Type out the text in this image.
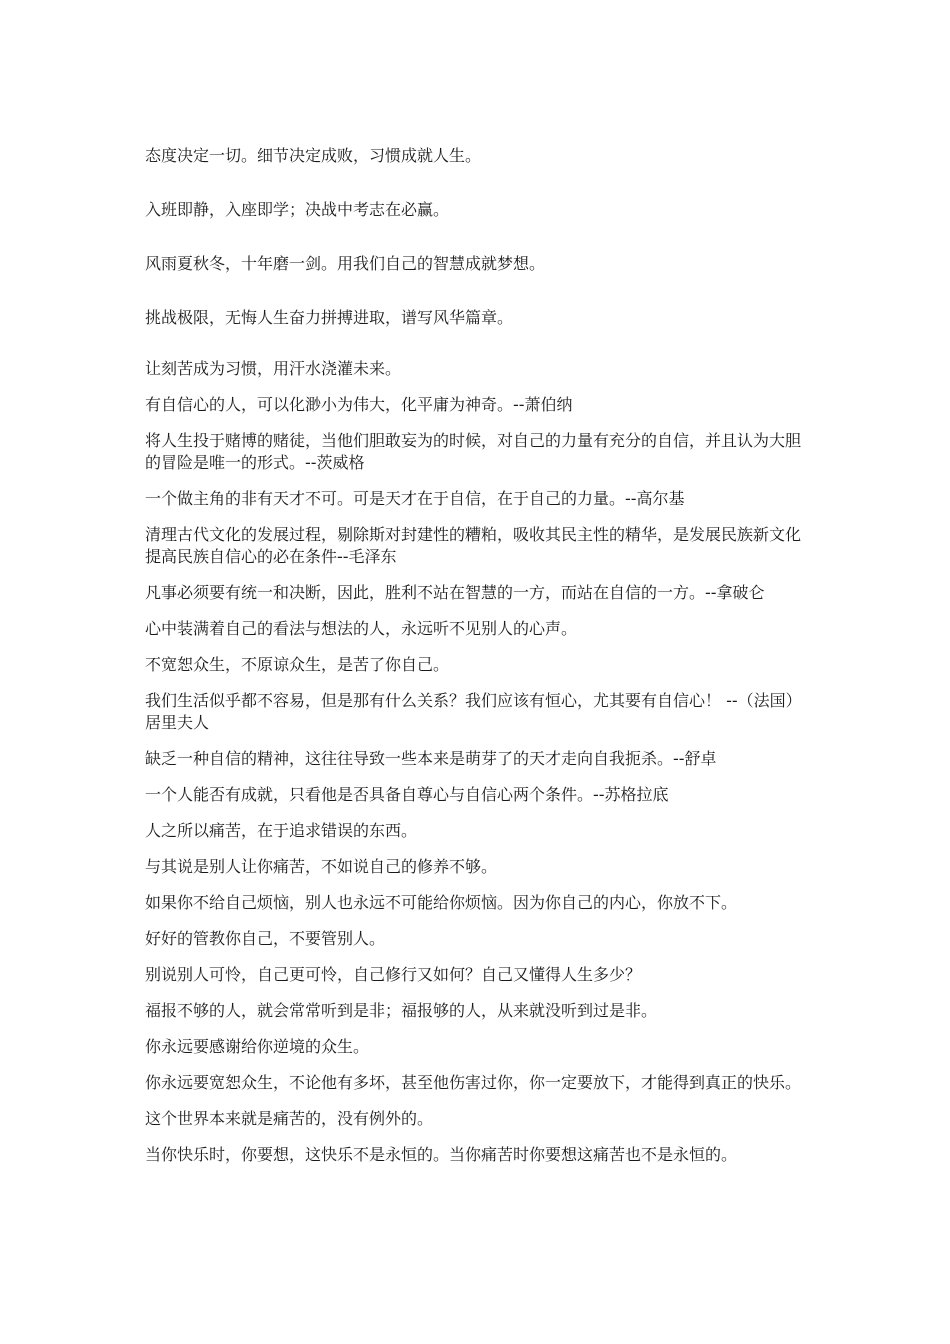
态度决定一切。细节决定成败，习惯成就人生。

入班即静，入座即学；决战中考志在必赢。

风雨夏秋冬，十年磨一剑。用我们自己的智慧成就梦想。

挑战极限，无悔人生奋力拼搏进取，谱写风华篇章。

让刻苦成为习惯，用汗水浇灌未来。

有自信心的人，可以化渺小为伟大，化平庸为神奇。--萧伯纳

将人生投于赌博的赌徒，当他们胆敢妄为的时候，对自己的力量有充分的自信，并且认为大胆的冒险是唯一的形式。--茨威格

一个做主角的非有天才不可。可是天才在于自信，在于自己的力量。--高尔基

清理古代文化的发展过程，剔除斯对封建性的糟粕，吸收其民主性的精华，是发展民族新文化提高民族自信心的必在条件--毛泽东

凡事必须要有统一和决断，因此，胜利不站在智慧的一方，而站在自信的一方。--拿破仑

心中装满着自己的看法与想法的人，永远听不见别人的心声。

不宽恕众生，不原谅众生，是苦了你自己。

我们生活似乎都不容易，但是那有什么关系？我们应该有恒心，尤其要有自信心！ --（法国）居里夫人

缺乏一种自信的精神，这往往导致一些本来是萌芽了的天才走向自我扼杀。--舒卓

一个人能否有成就，只看他是否具备自尊心与自信心两个条件。--苏格拉底

人之所以痛苦，在于追求错误的东西。

与其说是别人让你痛苦，不如说自己的修养不够。

如果你不给自己烦恼，别人也永远不可能给你烦恼。因为你自己的内心，你放不下。

好好的管教你自己，不要管别人。

别说别人可怜，自己更可怜，自己修行又如何？自己又懂得人生多少？

福报不够的人，就会常常听到是非；福报够的人，从来就没听到过是非。

你永远要感谢给你逆境的众生。

你永远要宽恕众生，不论他有多坏，甚至他伤害过你，你一定要放下，才能得到真正的快乐。

这个世界本来就是痛苦的，没有例外的。

当你快乐时，你要想，这快乐不是永恒的。当你痛苦时你要想这痛苦也不是永恒的。
